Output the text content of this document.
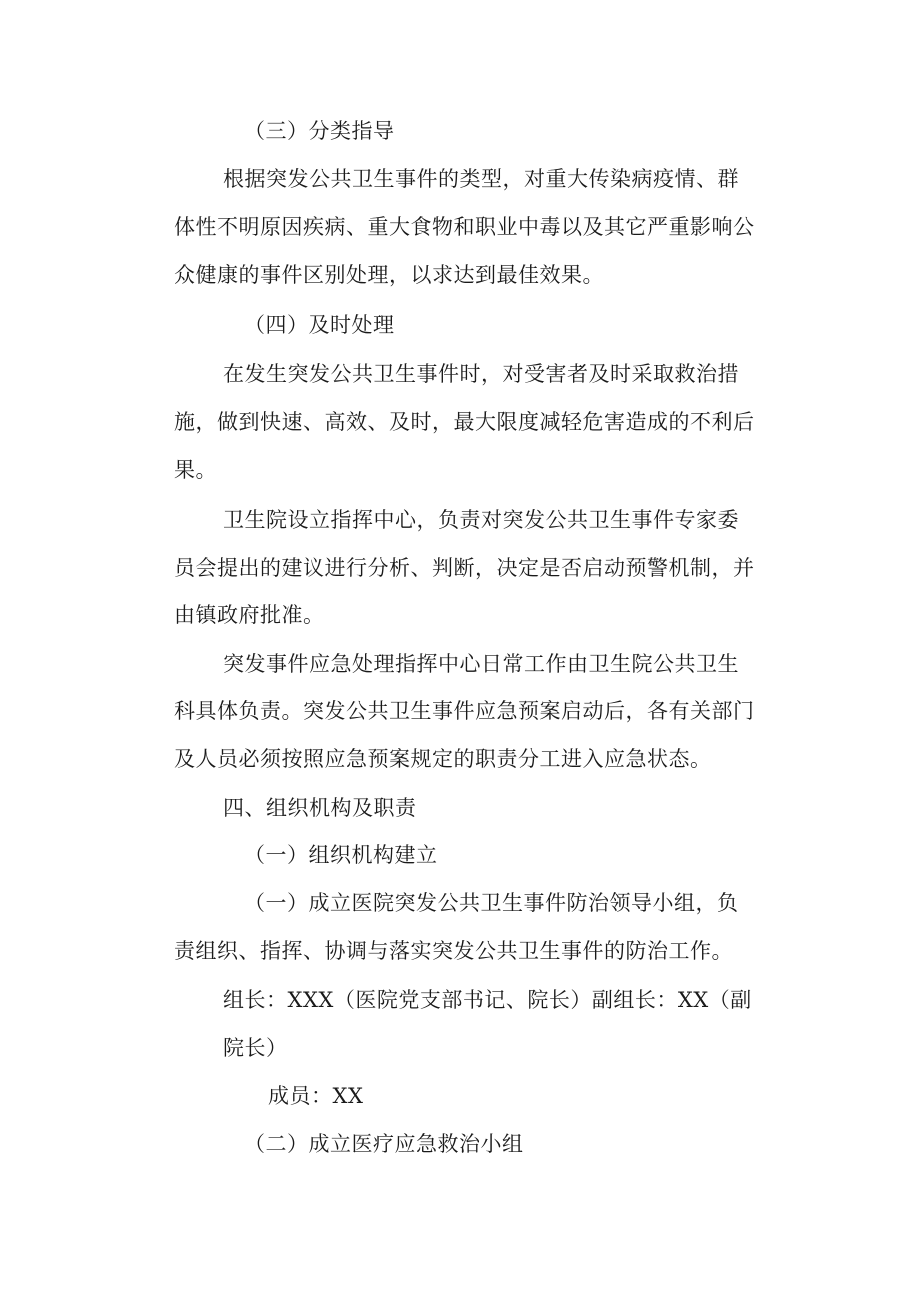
（三）分类指导
根据突发公共卫生事件的类型，对重大传染病疫情、群
体性不明原因疾病、重大食物和职业中毒以及其它严重影响公
众健康的事件区别处理，以求达到最佳效果。
（四）及时处理
在发生突发公共卫生事件时，对受害者及时采取救治措
施，做到快速、高效、及时，最大限度减轻危害造成的不利后
果。
卫生院设立指挥中心，负责对突发公共卫生事件专家委
员会提出的建议进行分析、判断，决定是否启动预警机制，并
由镇政府批准。
突发事件应急处理指挥中心日常工作由卫生院公共卫生
科具体负责。突发公共卫生事件应急预案启动后，各有关部门
及人员必须按照应急预案规定的职责分工进入应急状态。
四、组织机构及职责
（一）组织机构建立
（一）成立医院突发公共卫生事件防治领导小组，负
责组织、指挥、协调与落实突发公共卫生事件的防治工作。
组长：XXX（医院党支部书记、院长）副组长：XX（副
院长）
成员：XX
（二）成立医疗应急救治小组
